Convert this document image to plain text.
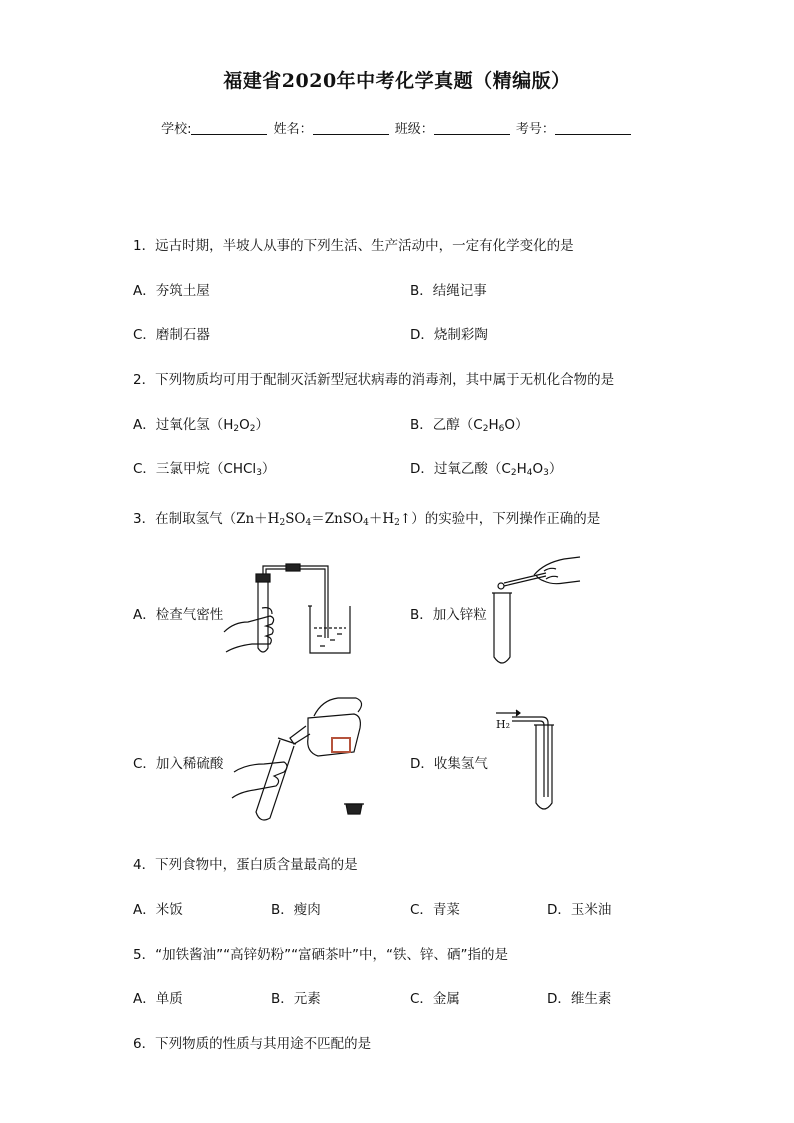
福建省2020年中考化学真题（精编版）
学校:	姓名：	班级：	考号：
1．远古时期，半坡人从事的下列生活、生产活动中，一定有化学变化的是
A．夯筑土屋	B．结绳记事
C．磨制石器	D．烧制彩陶
2．下列物质均可用于配制灭活新型冠状病毒的消毒剂，其中属于无机化合物的是
A．过氧化氢$(H_2O_2)$	B．乙醇$(C_2H_6O)$
C．三氯甲烷（CHCl$_3$）	D．过氧乙酸$(C_2H_4O_3)$
3．在制取氢气$(Zn+H_2SO_4=ZnSO_4+H_2↑)$的实验中，下列操作正确的是
A．检查气密性	B．加入锌粒
C．加入稀硫酸	D．收集氢气
H₂
4．下列食物中，蛋白质含量最高的是
A．米饭	B．瘦肉	C．青菜	D．玉米油
5．“加铁酱油”“高锌奶粉”“富硒茶叶”中，“铁、锌、硒”指的是
A．单质	B．元素	C．金属	D．维生素
6．下列物质的性质与其用途不匹配的是
